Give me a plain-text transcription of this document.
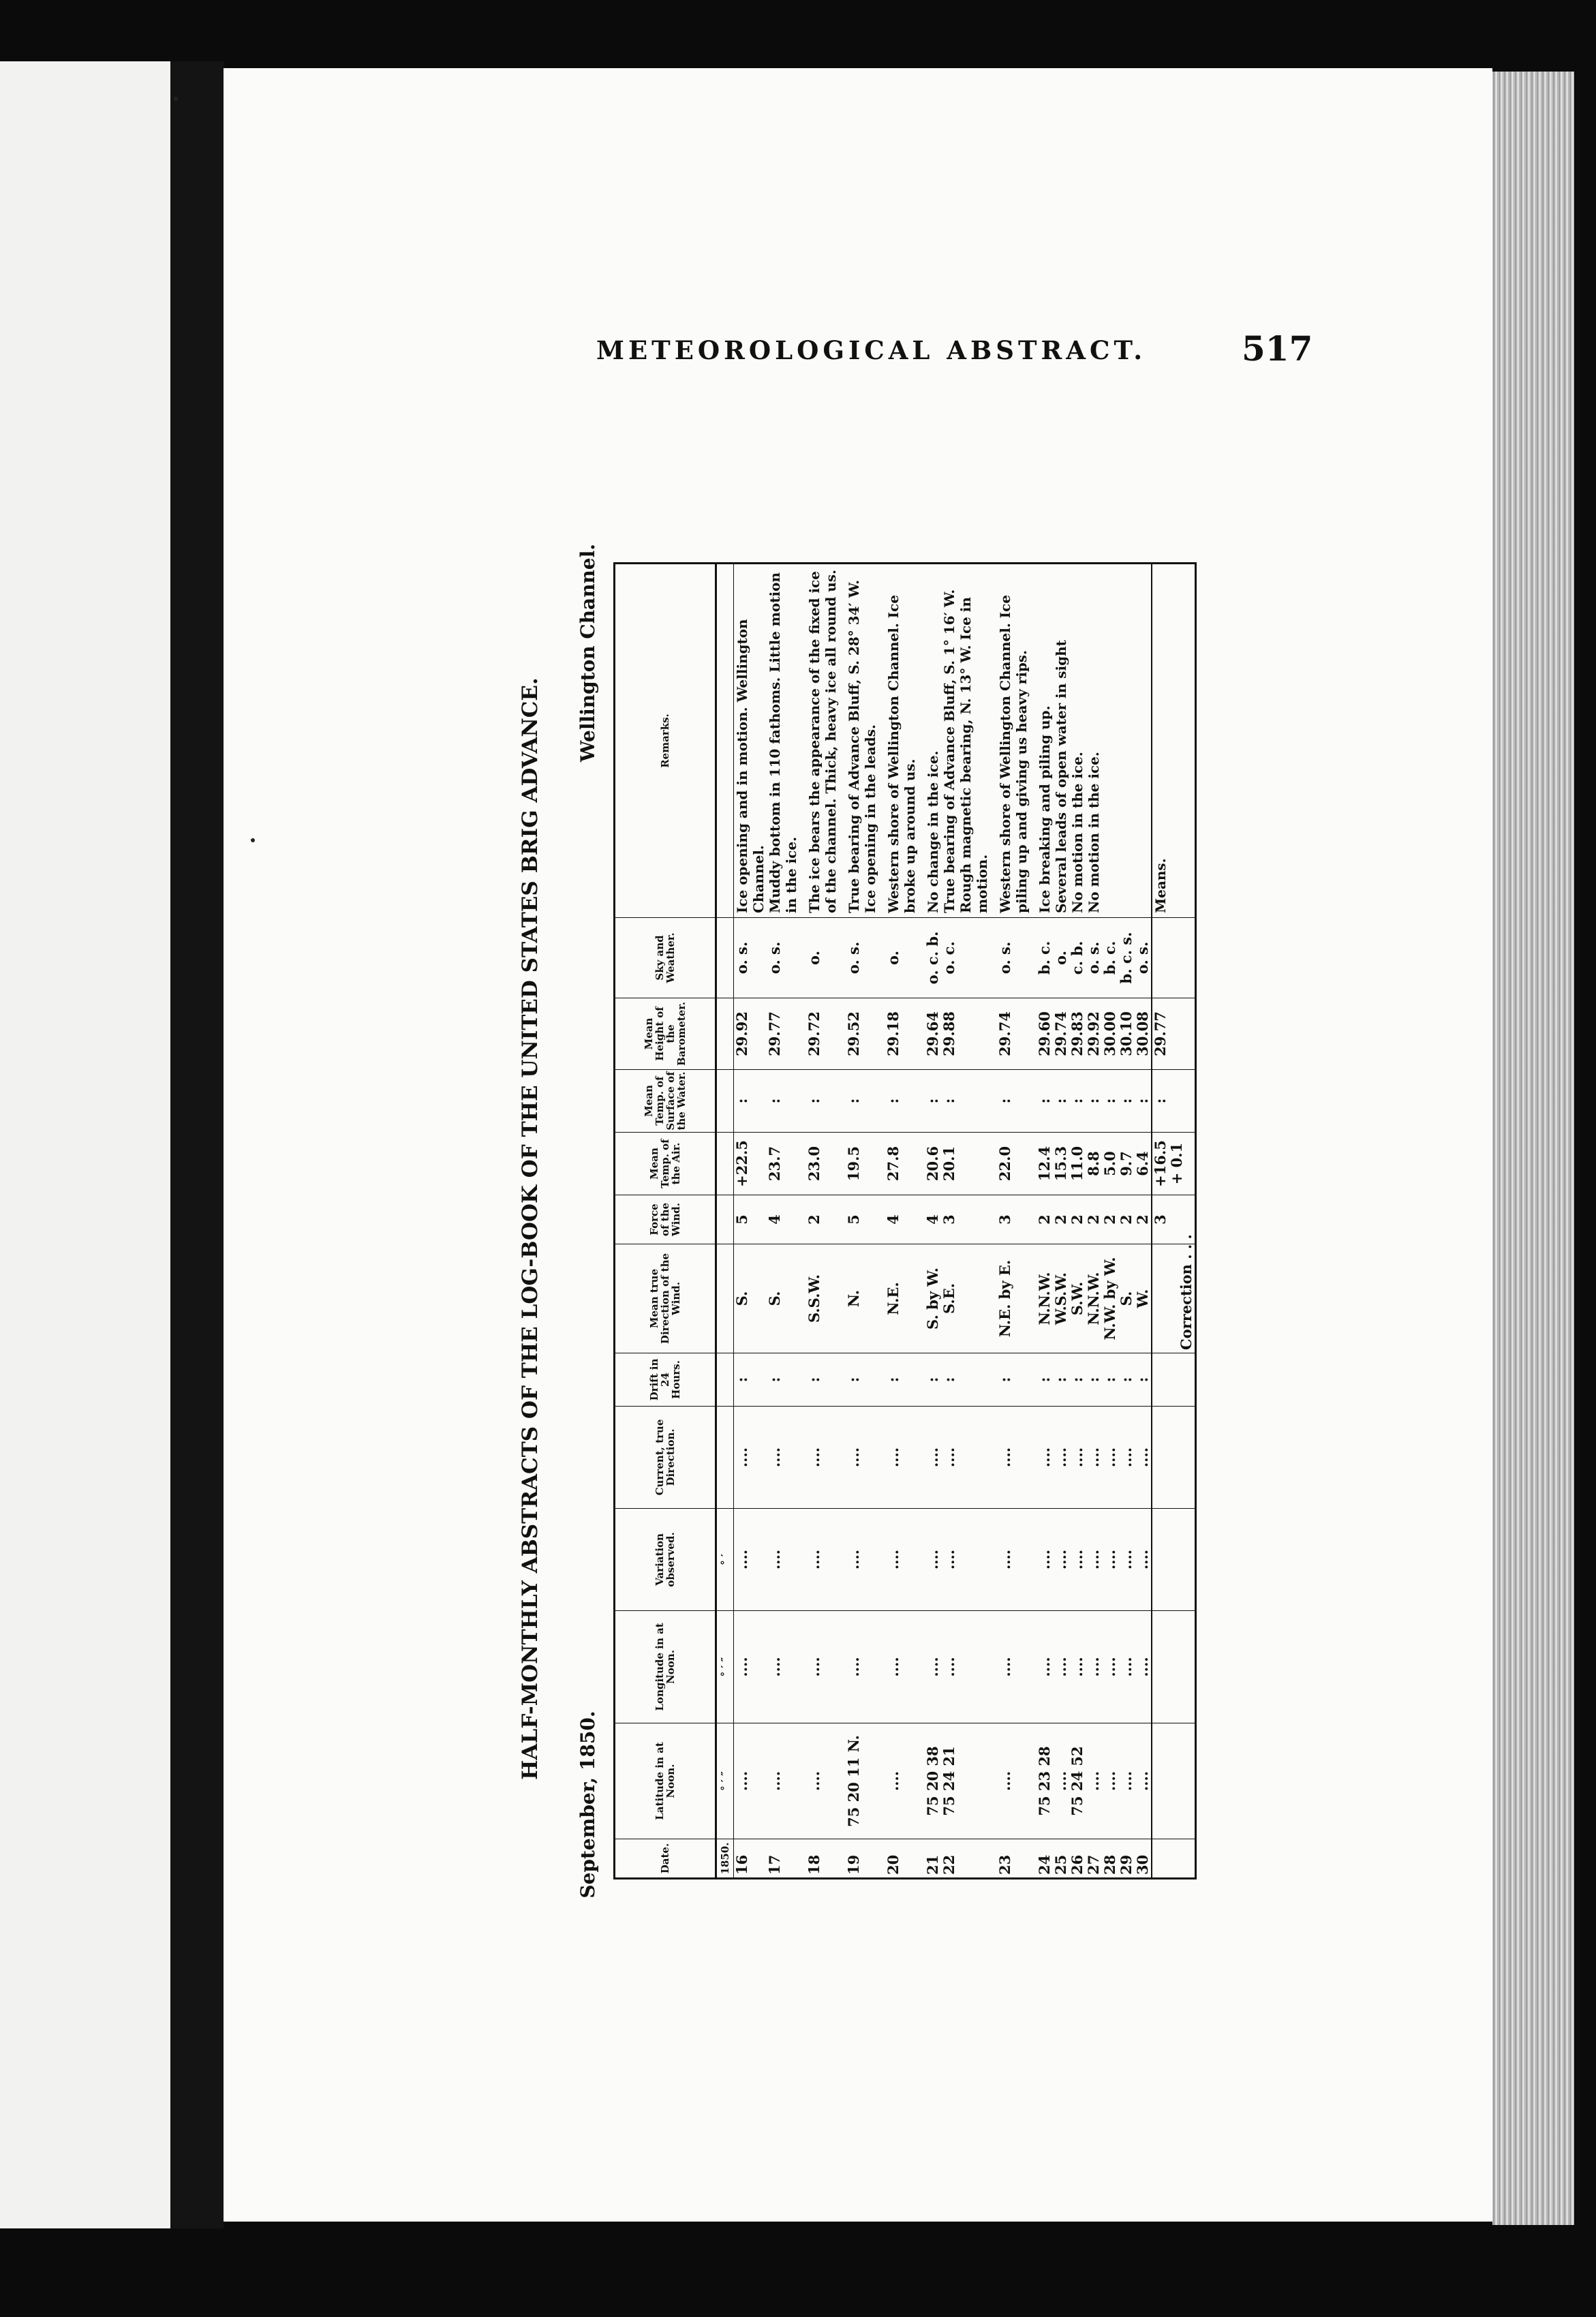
METEOROLOGICAL ABSTRACT.	517
HALF-MONTHLY ABSTRACTS OF THE LOG-BOOK OF THE UNITED STATES BRIG ADVANCE.
September, 1850.
Wellington Channel.
Date.	Latitude in at Noon.	Longitude in at Noon.	Variation observed.	Current, true Direction.	Drift in 24 Hours.	Mean true Direction of the Wind.	Force of the Wind.	Mean Temp. of the Air.	Mean Temp. of Surface of the Water.	Mean Height of the Barometer.	Sky and Weather.	Remarks.
1850.	° ′ ″	° ′ ″	° ′									
16	....	....	....	....	:	S.	5	+22.5	:	29.92	o. s.	Ice opening and in motion. Wellington Channel.
17	....	....	....	....	:	S.	4	23.7	:	29.77	o. s.	Muddy bottom in 110 fathoms. Little motion in the ice.

18	....	....	....	....	:	S.S.W.	2	23.0	:	29.72	o.	The ice bears the appearance of the fixed ice of the channel. Thick, heavy ice all round us.

19	75 20 11 N.	....	....	....	:	N.	5	19.5	:	29.52	o. s.	True bearing of Advance Bluff, S. 28° 34′ W. Ice opening in the leads.

20	....	....	....	....	:	N.E.	4	27.8	:	29.18	o.	Western shore of Wellington Channel. Ice broke up around us.

21	75 20 38	....	....	....	:	S. by W.	4	20.6	:	29.64	o. c. b.	No change in the ice.
22	75 24 21	....	....	....	:	S.E.	3	20.1	:	29.88	o. c.	True bearing of Advance Bluff, S. 1° 16′ W. Rough magnetic bearing, N. 13° W. Ice in motion.

23	....	....	....	....	:	N.E. by E.	3	22.0	:	29.74	o. s.	Western shore of Wellington Channel. Ice piling up and giving us heavy rips.

24	75 23 28	....	....	....	:	N.N.W.	2	12.4	:	29.60	b. c.	Ice breaking and piling up.
25	....	....	....	....	:	W.S.W.	2	15.3	:	29.74	o.	Several leads of open water in sight
26	75 24 52	....	....	....	:	S.W.	2	11.0	:	29.83	c. b.	No motion in the ice.
27	....	....	....	....	:	N.N.W.	2	8.8	:	29.92	o. s.	No motion in the ice.
28	....	....	....	....	:	N.W. by W.	2	5.0	:	30.00	b. c.	
29	....	....	....	....	:	S.	2	9.7	:	30.10	b. c. s.	
30	....	....	....	....	:	W.	2	6.4	:	30.08	o. s.	
						Correction . . .	3	+16.5 + 0.1	:	29.77		Means.
